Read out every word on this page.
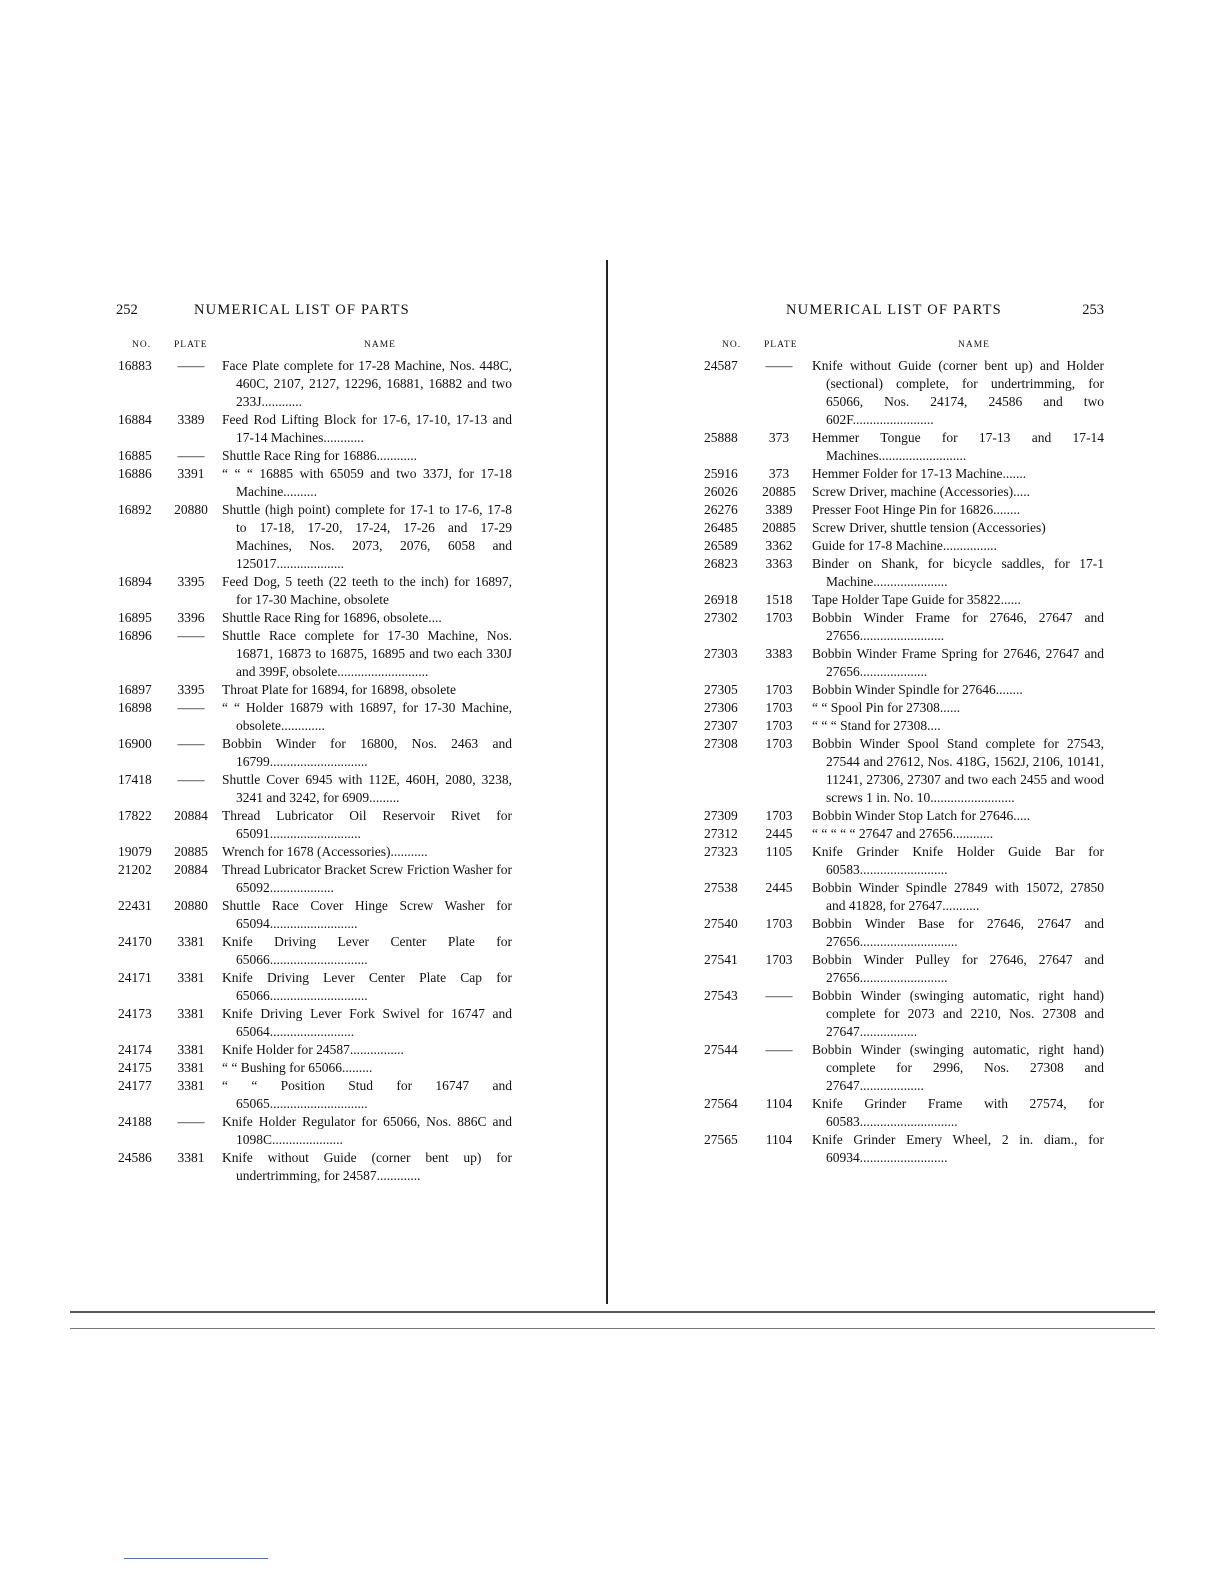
252	NUMERICAL LIST OF PARTS
NO. PLATE	NAME
16883	——	Face Plate complete for 17-28 Machine, Nos. 448C, 460C, 2107, 2127, 12296, 16881, 16882 and two 233J............
16884	3389	Feed Rod Lifting Block for 17-6, 17-10, 17-13 and 17-14 Machines............
16885	——	Shuttle Race Ring for 16886............
16886	3391	“ “ “ 16885 with 65059 and two 337J, for 17-18 Machine..........
16892	20880	Shuttle (high point) complete for 17-1 to 17-6, 17-8 to 17-18, 17-20, 17-24, 17-26 and 17-29 Machines, Nos. 2073, 2076, 6058 and 125017....................
16894	3395	Feed Dog, 5 teeth (22 teeth to the inch) for 16897, for 17-30 Machine, obsolete
16895	3396	Shuttle Race Ring for 16896, obsolete....
16896	——	Shuttle Race complete for 17-30 Machine, Nos. 16871, 16873 to 16875, 16895 and two each 330J and 399F, obsolete...........................
16897	3395	Throat Plate for 16894, for 16898, obsolete
16898	——	“ “ Holder 16879 with 16897, for 17-30 Machine, obsolete.............
16900	——	Bobbin Winder for 16800, Nos. 2463 and 16799.............................
17418	——	Shuttle Cover 6945 with 112E, 460H, 2080, 3238, 3241 and 3242, for 6909.........
17822	20884	Thread Lubricator Oil Reservoir Rivet for 65091...........................
19079	20885	Wrench for 1678 (Accessories)...........
21202	20884	Thread Lubricator Bracket Screw Friction Washer for 65092...................
22431	20880	Shuttle Race Cover Hinge Screw Washer for 65094..........................
24170	3381	Knife Driving Lever Center Plate for 65066.............................
24171	3381	Knife Driving Lever Center Plate Cap for 65066.............................
24173	3381	Knife Driving Lever Fork Swivel for 16747 and 65064.........................
24174	3381	Knife Holder for 24587................
24175	3381	“ “ Bushing for 65066.........
24177	3381	“ “ Position Stud for 16747 and 65065.............................
24188	——	Knife Holder Regulator for 65066, Nos. 886C and 1098C.....................
24586	3381	Knife without Guide (corner bent up) for undertrimming, for 24587.............
NUMERICAL LIST OF PARTS	253
NO. PLATE	NAME
24587	——	Knife without Guide (corner bent up) and Holder (sectional) complete, for undertrimming, for 65066, Nos. 24174, 24586 and two 602F........................
25888	373	Hemmer Tongue for 17-13 and 17-14 Machines..........................
25916	373	Hemmer Folder for 17-13 Machine.......
26026	20885	Screw Driver, machine (Accessories).....
26276	3389	Presser Foot Hinge Pin for 16826........
26485	20885	Screw Driver, shuttle tension (Accessories)
26589	3362	Guide for 17-8 Machine................
26823	3363	Binder on Shank, for bicycle saddles, for 17-1 Machine......................
26918	1518	Tape Holder Tape Guide for 35822......
27302	1703	Bobbin Winder Frame for 27646, 27647 and 27656.........................
27303	3383	Bobbin Winder Frame Spring for 27646, 27647 and 27656....................
27305	1703	Bobbin Winder Spindle for 27646........
27306	1703	“ “ Spool Pin for 27308......
27307	1703	“ “ “ Stand for 27308....
27308	1703	Bobbin Winder Spool Stand complete for 27543, 27544 and 27612, Nos. 418G, 1562J, 2106, 10141, 11241, 27306, 27307 and two each 2455 and wood screws 1 in. No. 10.........................
27309	1703	Bobbin Winder Stop Latch for 27646.....
27312	2445	“ “ “ “ “ 27647 and 27656............
27323	1105	Knife Grinder Knife Holder Guide Bar for 60583..........................
27538	2445	Bobbin Winder Spindle 27849 with 15072, 27850 and 41828, for 27647...........
27540	1703	Bobbin Winder Base for 27646, 27647 and 27656.............................
27541	1703	Bobbin Winder Pulley for 27646, 27647 and 27656..........................
27543	——	Bobbin Winder (swinging automatic, right hand) complete for 2073 and 2210, Nos. 27308 and 27647.................
27544	——	Bobbin Winder (swinging automatic, right hand) complete for 2996, Nos. 27308 and 27647...................
27564	1104	Knife Grinder Frame with 27574, for 60583.............................
27565	1104	Knife Grinder Emery Wheel, 2 in. diam., for 60934..........................
